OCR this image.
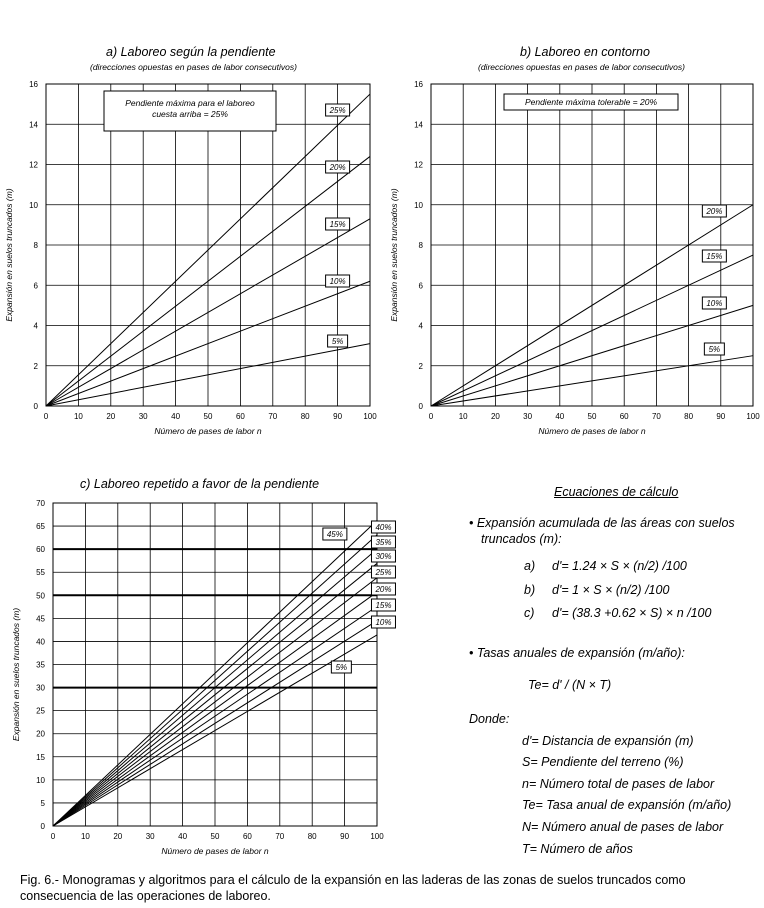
0	10	20	30	40	50	60	70	80	90	100
0
2
4
6
8
10
12
14
16
Número de pases de labor n
Expansión en suelos truncados (m)
5%
10%
15%
20%
25%
Pendiente máxima para el laboreo cuesta arriba = 25%
0	10	20	30	40	50	60	70	80	90	100
0
2
4
6
8
10
12
14
16
Número de pases de labor n
Expansión en suelos truncados (m)
5%
10%
15%
20%
Pendiente máxima tolerable = 20%
0	10	20	30	40	50	60	70	80	90	100
0
5
10
15
20
25
30
35
40
45
50
55
60
65
70
Número de pases de labor n
Expansión en suelos truncados (m)	5%
10%
15%
20%
25%
30%
35%
40%
45%
a) Laboreo según la pendiente
(direcciones opuestas en pases de labor consecutivos)
b) Laboreo en contorno
(direcciones opuestas en pases de labor consecutivos)
c) Laboreo repetido a favor de la pendiente
Ecuaciones de cálculo
• Expansión acumulada de las áreas con suelos
truncados (m):
a) d'= 1.24 × S × (n/2) /100
b) d'= 1 × S × (n/2) /100
c) d'= (38.3 +0.62 × S) × n /100
• Tasas anuales de expansión (m/año):
Te= d' / (N × T)
Donde:
d'= Distancia de expansión (m)
S= Pendiente del terreno (%)
n= Número total de pases de labor
Te= Tasa anual de expansión (m/año)
N= Número anual de pases de labor
T= Número de años
Fig. 6.- Monogramas y algoritmos para el cálculo de la expansión en las laderas de las zonas de suelos truncados como consecuencia de las operaciones de laboreo.
